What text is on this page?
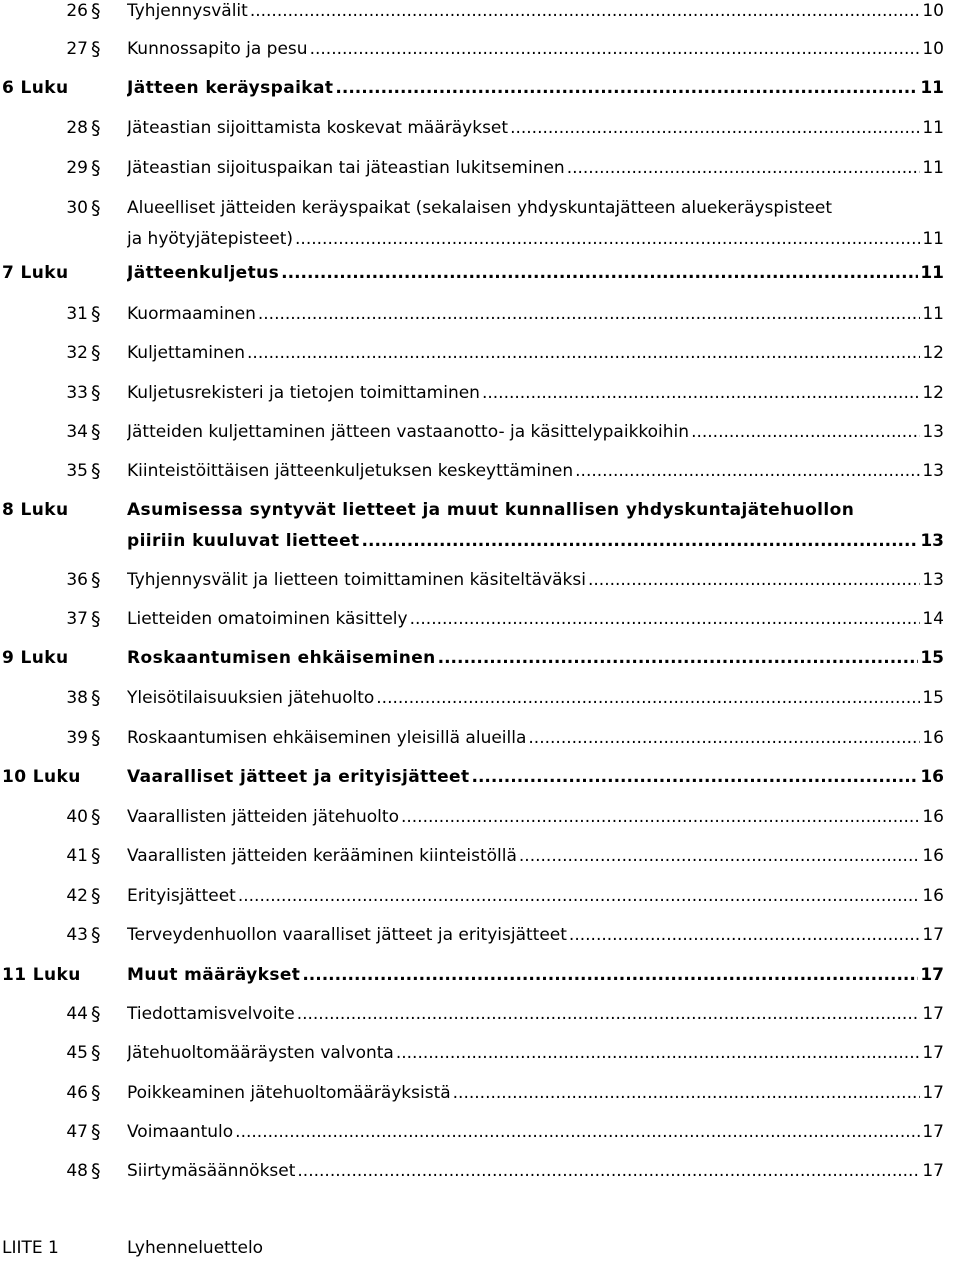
26 § Tyhjennysvälit .....	10
27 § Kunnossapito ja pesu .....	10
6 Luku	Jätteen keräyspaikat .....	11
28 § Jäteastian sijoittamista koskevat määräykset .....	11
29 § Jäteastian sijoituspaikan tai jäteastian lukitseminen .....	11
30 § Alueelliset jätteiden keräyspaikat (sekalaisen yhdyskuntajätteen aluekeräyspisteet
ja hyötyjätepisteet) .....	11
7 Luku	Jätteenkuljetus .....	11
31 § Kuormaaminen .....	11
32 § Kuljettaminen .....	12
33 § Kuljetusrekisteri ja tietojen toimittaminen .....	12
34 § Jätteiden kuljettaminen jätteen vastaanotto- ja käsittelypaikkoihin .....	13
35 § Kiinteistöittäisen jätteenkuljetuksen keskeyttäminen .....	13
8 Luku	Asumisessa syntyvät lietteet ja muut kunnallisen yhdyskuntajätehuollon
piiriin kuuluvat lietteet .....	13
36 § Tyhjennysvälit ja lietteen toimittaminen käsiteltäväksi .....	13
37 § Lietteiden omatoiminen käsittely .....	14
9 Luku	Roskaantumisen ehkäiseminen .....	15
38 § Yleisötilaisuuksien jätehuolto .....	15
39 § Roskaantumisen ehkäiseminen yleisillä alueilla .....	16
10 Luku	Vaaralliset jätteet ja erityisjätteet .....	16
40 § Vaarallisten jätteiden jätehuolto .....	16
41 § Vaarallisten jätteiden kerääminen kiinteistöllä .....	16
42 § Erityisjätteet .....	16
43 § Terveydenhuollon vaaralliset jätteet ja erityisjätteet .....	17
11 Luku	Muut määräykset .....	17
44 § Tiedottamisvelvoite .....	17
45 § Jätehuoltomääräysten valvonta .....	17
46 § Poikkeaminen jätehuoltomääräyksistä .....	17
47 § Voimaantulo .....	17
48 § Siirtymäsäännökset .....	17
LIITE 1	Lyhenneluettelo
